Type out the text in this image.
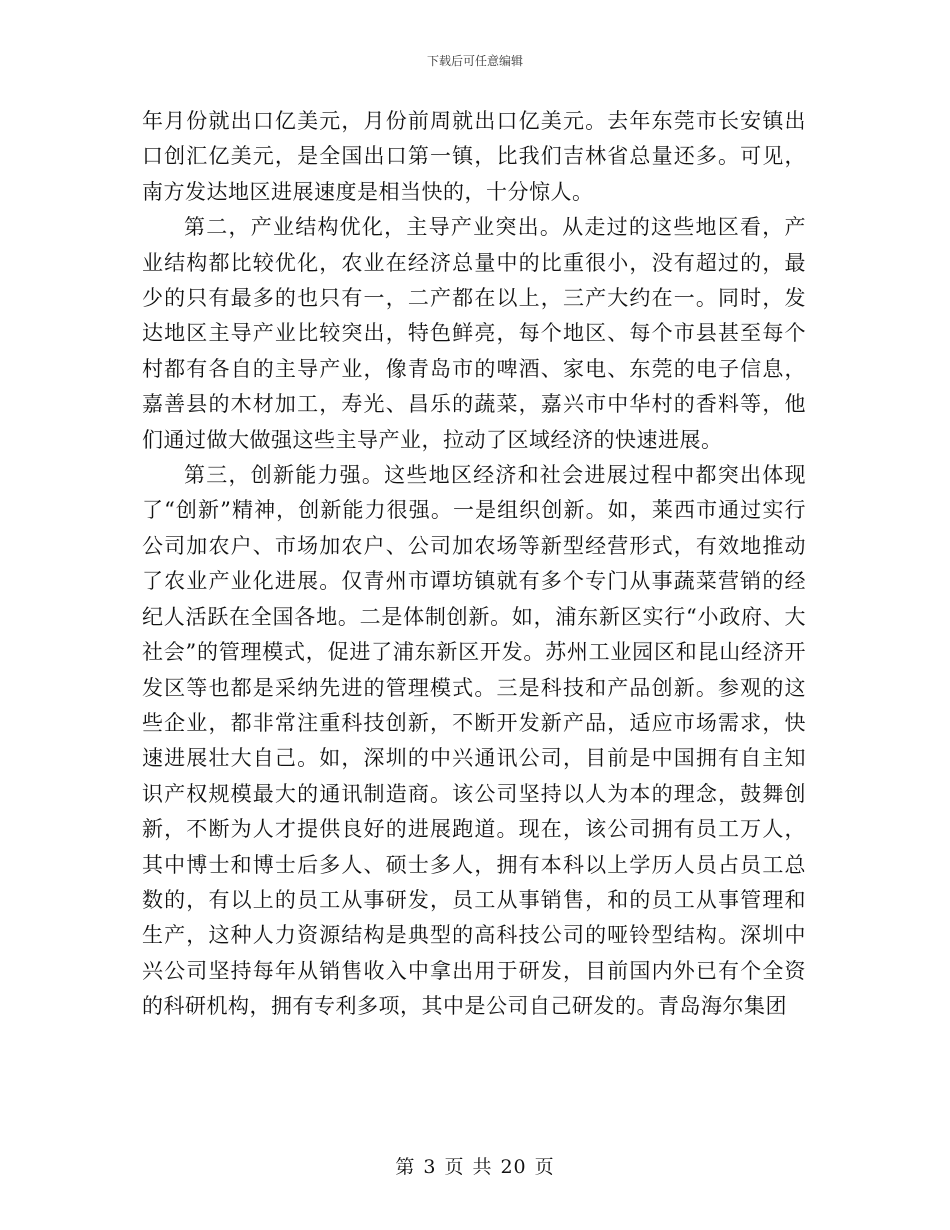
下载后可任意编辑

年月份就出口亿美元，月份前周就出口亿美元。去年东莞市长安镇出口创汇亿美元，是全国出口第一镇，比我们吉林省总量还多。可见，南方发达地区进展速度是相当快的，十分惊人。

第二，产业结构优化，主导产业突出。从走过的这些地区看，产业结构都比较优化，农业在经济总量中的比重很小，没有超过的，最少的只有最多的也只有一，二产都在以上，三产大约在一。同时，发达地区主导产业比较突出，特色鲜亮，每个地区、每个市县甚至每个村都有各自的主导产业，像青岛市的啤酒、家电、东莞的电子信息，嘉善县的木材加工，寿光、昌乐的蔬菜，嘉兴市中华村的香料等，他们通过做大做强这些主导产业，拉动了区域经济的快速进展。

第三，创新能力强。这些地区经济和社会进展过程中都突出体现了“创新”精神，创新能力很强。一是组织创新。如，莱西市通过实行公司加农户、市场加农户、公司加农场等新型经营形式，有效地推动了农业产业化进展。仅青州市谭坊镇就有多个专门从事蔬菜营销的经纪人活跃在全国各地。二是体制创新。如，浦东新区实行“小政府、大社会”的管理模式，促进了浦东新区开发。苏州工业园区和昆山经济开发区等也都是采纳先进的管理模式。三是科技和产品创新。参观的这些企业，都非常注重科技创新，不断开发新产品，适应市场需求，快速进展壮大自己。如，深圳的中兴通讯公司，目前是中国拥有自主知识产权规模最大的通讯制造商。该公司坚持以人为本的理念，鼓舞创新，不断为人才提供良好的进展跑道。现在，该公司拥有员工万人，其中博士和博士后多人、硕士多人，拥有本科以上学历人员占员工总数的，有以上的员工从事研发，员工从事销售，和的员工从事管理和生产，这种人力资源结构是典型的高科技公司的哑铃型结构。深圳中兴公司坚持每年从销售收入中拿出用于研发，目前国内外已有个全资的科研机构，拥有专利多项，其中是公司自己研发的。青岛海尔集团

第 3 页 共 20 页
